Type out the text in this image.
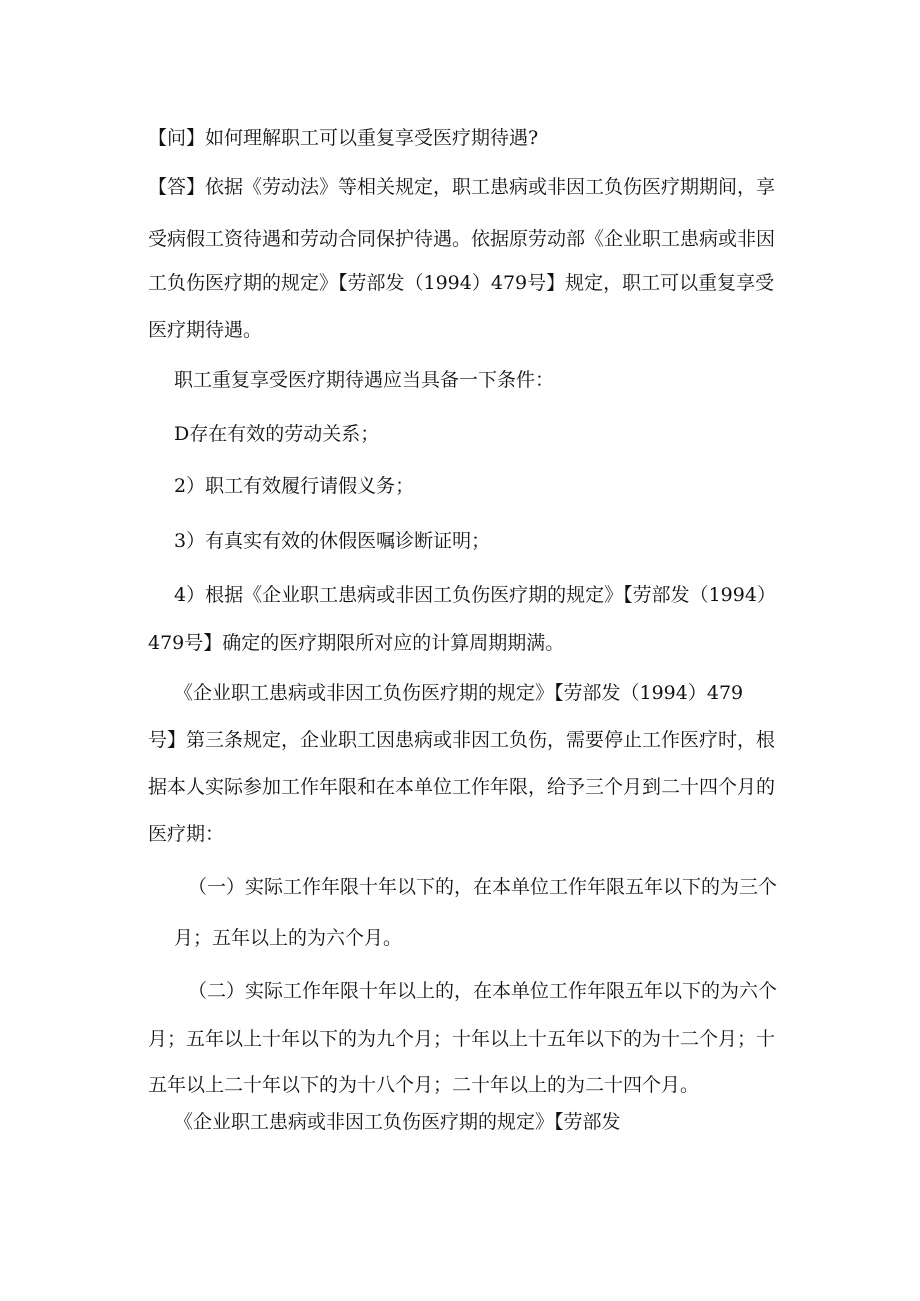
【问】如何理解职工可以重复享受医疗期待遇?

【答】依据《劳动法》等相关规定，职工患病或非因工负伤医疗期期间，享

受病假工资待遇和劳动合同保护待遇。依据原劳动部《企业职工患病或非因

工负伤医疗期的规定》【劳部发（1994）479号】规定，职工可以重复享受

医疗期待遇。

职工重复享受医疗期待遇应当具备一下条件：

D存在有效的劳动关系；

2）职工有效履行请假义务；

3）有真实有效的休假医嘱诊断证明；

4）根据《企业职工患病或非因工负伤医疗期的规定》【劳部发（1994）

479号】确定的医疗期限所对应的计算周期期满。

《企业职工患病或非因工负伤医疗期的规定》【劳部发（1994）479

号】第三条规定，企业职工因患病或非因工负伤，需要停止工作医疗时，根

据本人实际参加工作年限和在本单位工作年限，给予三个月到二十四个月的

医疗期：

（一）实际工作年限十年以下的，在本单位工作年限五年以下的为三个

月；五年以上的为六个月。

（二）实际工作年限十年以上的，在本单位工作年限五年以下的为六个

月；五年以上十年以下的为九个月；十年以上十五年以下的为十二个月；十

五年以上二十年以下的为十八个月；二十年以上的为二十四个月。

《企业职工患病或非因工负伤医疗期的规定》【劳部发
